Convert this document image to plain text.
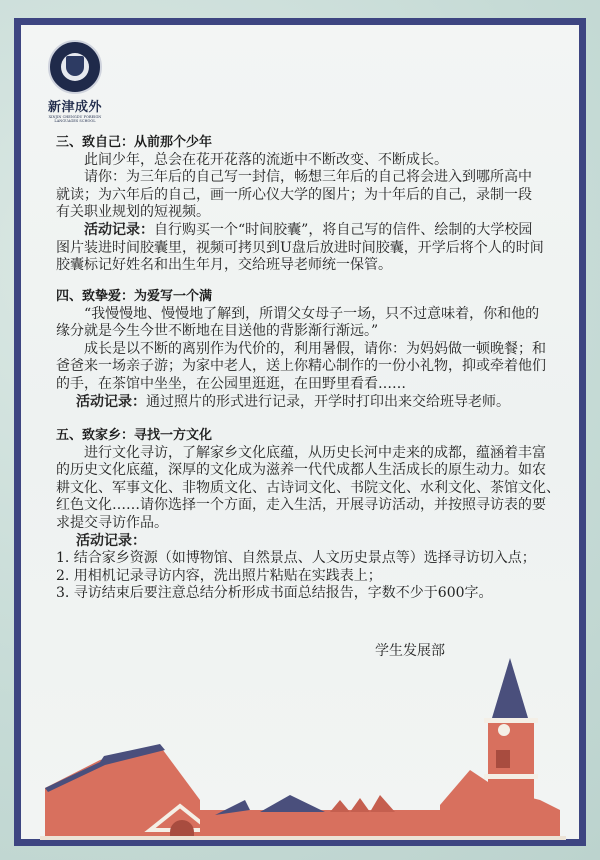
新津成外
XINJIN CHENGDU FOREIGN LANGUAGES SCHOOL
三、致自己：从前那个少年
此间少年，总会在花开花落的流逝中不断改变、不断成长。
请你：为三年后的自己写一封信，畅想三年后的自己将会进入到哪所高中
就读；为六年后的自己，画一所心仪大学的图片；为十年后的自己，录制一段
有关职业规划的短视频。
活动记录：自行购买一个“时间胶囊”，将自己写的信件、绘制的大学校园
图片装进时间胶囊里，视频可拷贝到U盘后放进时间胶囊，开学后将个人的时间
胶囊标记好姓名和出生年月，交给班导老师统一保管。
四、致挚爱：为爱写一个满
“我慢慢地、慢慢地了解到，所谓父女母子一场，只不过意味着，你和他的
缘分就是今生今世不断地在目送他的背影渐行渐远。”
成长是以不断的离别作为代价的，利用暑假，请你：为妈妈做一顿晚餐；和
爸爸来一场亲子游；为家中老人，送上你精心制作的一份小礼物，抑或牵着他们
的手，在茶馆中坐坐，在公园里逛逛，在田野里看看……
活动记录：通过照片的形式进行记录，开学时打印出来交给班导老师。
五、致家乡：寻找一方文化
进行文化寻访，了解家乡文化底蕴，从历史长河中走来的成都，蕴涵着丰富
的历史文化底蕴，深厚的文化成为滋养一代代成都人生活成长的原生动力。如农
耕文化、军事文化、非物质文化、古诗词文化、书院文化、水利文化、茶馆文化、
红色文化……请你选择一个方面，走入生活，开展寻访活动，并按照寻访表的要
求提交寻访作品。
活动记录：
1. 结合家乡资源（如博物馆、自然景点、人文历史景点等）选择寻访切入点；
2. 用相机记录寻访内容，洗出照片粘贴在实践表上；
3. 寻访结束后要注意总结分析形成书面总结报告，字数不少于600字。
学生发展部
